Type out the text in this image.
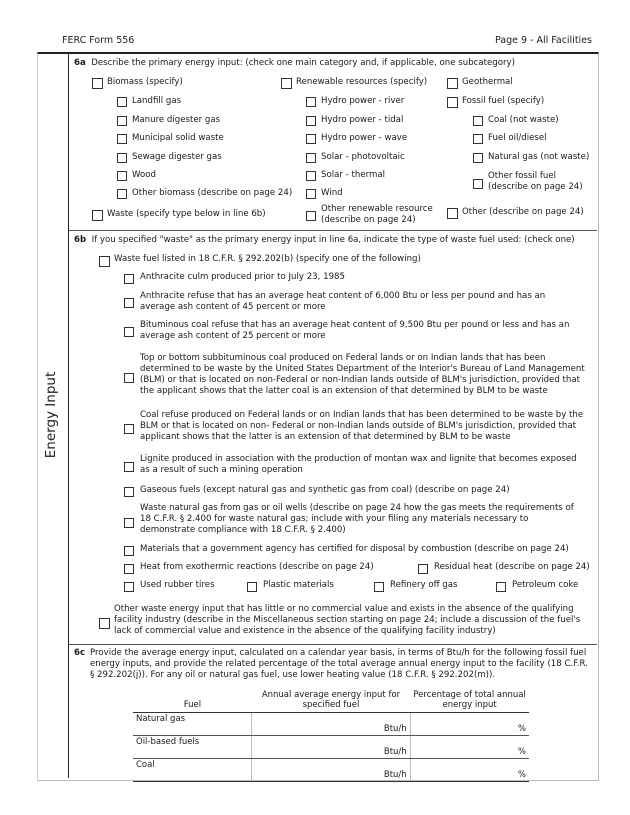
FERC Form 556	Page 9 - All Facilities
Energy Input
6a Describe the primary energy input: (check one main category and, if applicable, one subcategory)
Biomass (specify)
Landfill gas
Manure digester gas
Municipal solid waste
Sewage digester gas
Wood
Other biomass (describe on page 24)
Renewable resources (specify)
Hydro power - river
Hydro power - tidal
Hydro power - wave
Solar - photovoltaic
Solar - thermal
Wind
Other renewable resource
(describe on page 24)
Geothermal
Fossil fuel (specify)
Coal (not waste)
Fuel oil/diesel
Natural gas (not waste)
Other fossil fuel
(describe on page 24)
Waste (specify type below in line 6b)	Other (describe on page 24)
6b If you specified "waste" as the primary energy input in line 6a, indicate the type of waste fuel used: (check one)
Waste fuel listed in 18 C.F.R. § 292.202(b) (specify one of the following)
Anthracite culm produced prior to July 23, 1985
Anthracite refuse that has an average heat content of 6,000 Btu or less per pound and has an average ash content of 45 percent or more
Bituminous coal refuse that has an average heat content of 9,500 Btu per pound or less and has an average ash content of 25 percent or more
Top or bottom subbituminous coal produced on Federal lands or on Indian lands that has been determined to be waste by the United States Department of the Interior's Bureau of Land Management (BLM) or that is located on non-Federal or non-Indian lands outside of BLM's jurisdiction, provided that the applicant shows that the latter coal is an extension of that determined by BLM to be waste
Coal refuse produced on Federal lands or on Indian lands that has been determined to be waste by the BLM or that is located on non- Federal or non-Indian lands outside of BLM's jurisdiction, provided that applicant shows that the latter is an extension of that determined by BLM to be waste
Lignite produced in association with the production of montan wax and lignite that becomes exposed as a result of such a mining operation
Gaseous fuels (except natural gas and synthetic gas from coal) (describe on page 24)
Waste natural gas from gas or oil wells (describe on page 24 how the gas meets the requirements of 18 C.F.R. § 2.400 for waste natural gas; include with your filing any materials necessary to demonstrate compliance with 18 C.F.R. § 2.400)
Materials that a government agency has certified for disposal by combustion (describe on page 24)
Heat from exothermic reactions (describe on page 24)	Residual heat (describe on page 24)
Used rubber tires	Plastic materials	Refinery off gas	Petroleum coke
Other waste energy input that has little or no commercial value and exists in the absence of the qualifying facility industry (describe in the Miscellaneous section starting on page 24; include a discussion of the fuel's lack of commercial value and existence in the absence of the qualifying facility industry)
6c Provide the average energy input, calculated on a calendar year basis, in terms of Btu/h for the following fossil fuel energy inputs, and provide the related percentage of the total average annual energy input to the facility (18 C.F.R. § 292.202(j)). For any oil or natural gas fuel, use lower heating value (18 C.F.R. § 292.202(m)).
Fuel	Annual average energy input for specified fuel	Percentage of total annual energy input
Natural gas	Btu/h	%
Oil-based fuels	Btu/h	%
Coal	Btu/h	%
